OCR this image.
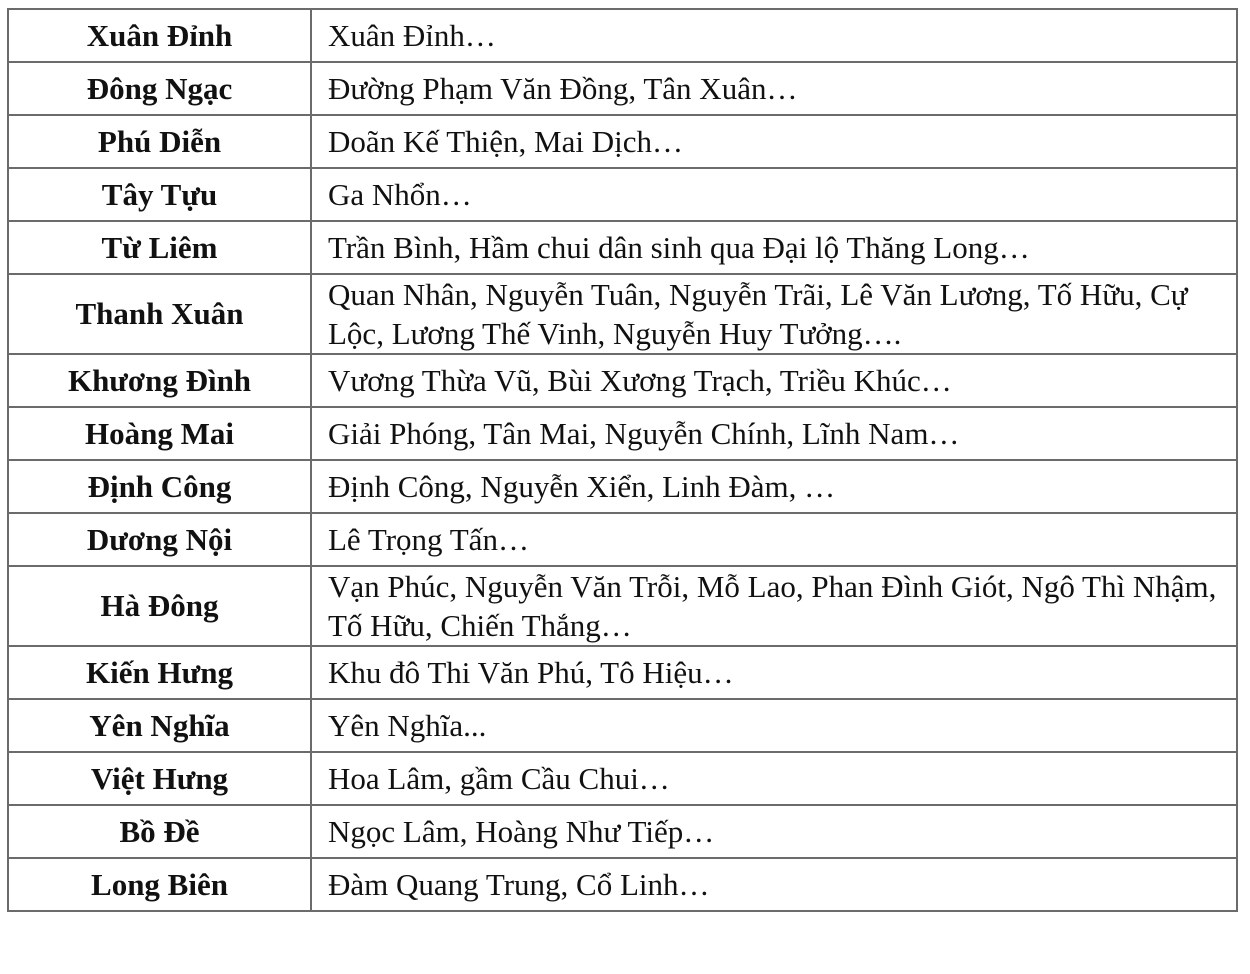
Xuân Đỉnh	Xuân Đỉnh…
Đông Ngạc	Đường Phạm Văn Đồng, Tân Xuân…
Phú Diễn	Doãn Kế Thiện, Mai Dịch…
Tây Tựu	Ga Nhổn…
Từ Liêm	Trần Bình, Hầm chui dân sinh qua Đại lộ Thăng Long…
Thanh Xuân	Quan Nhân, Nguyễn Tuân, Nguyễn Trãi, Lê Văn Lương, Tố Hữu, Cự Lộc, Lương Thế Vinh, Nguyễn Huy Tưởng….
Khương Đình	Vương Thừa Vũ, Bùi Xương Trạch, Triều Khúc…
Hoàng Mai	Giải Phóng, Tân Mai, Nguyễn Chính, Lĩnh Nam…
Định Công	Định Công, Nguyễn Xiển, Linh Đàm, …
Dương Nội	Lê Trọng Tấn…
Hà Đông	Vạn Phúc, Nguyễn Văn Trỗi, Mỗ Lao, Phan Đình Giót, Ngô Thì Nhậm, Tố Hữu, Chiến Thắng…
Kiến Hưng	Khu đô Thi Văn Phú, Tô Hiệu…
Yên Nghĩa	Yên Nghĩa...
Việt Hưng	Hoa Lâm, gầm Cầu Chui…
Bồ Đề	Ngọc Lâm, Hoàng Như Tiếp…
Long Biên	Đàm Quang Trung, Cổ Linh…
